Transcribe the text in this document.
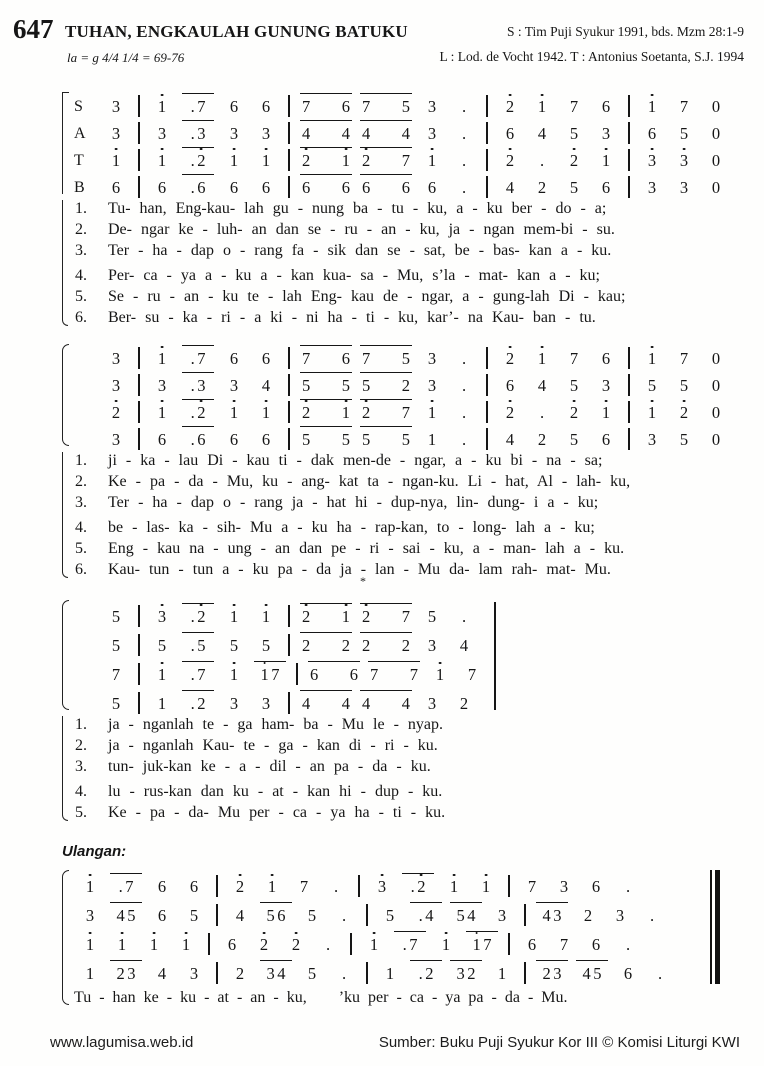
647 TUHAN, ENGKAULAH GUNUNG BATUKU	S : Tim Puji Syukur 1991, bds. Mzm 28:1-9
la = g 4/4 1/4 = 69-76	L : Lod. de Vocht 1942. T : Antonius Soetanta, S.J. 1994
S	3 1 . 7 6 6 7 6 7 5 3 . 2 1 7 6 1 7 0
A	3 3 . 3 3 3 4 4 4 4 3 . 6 4 5 3 6 5 0
T	1 1 . 2 1 1 2 1 2 7 1 . 2 . 2 1 3 3 0
B	6 6 . 6 6 6 6 6 6 6 6 . 4 2 5 6 3 3 0
1.	Tu- han, Eng-kau- lah gu - nung ba - tu - ku, a - ku ber - do - a;
2.	De- ngar ke - luh- an dan se - ru - an - ku, ja - ngan mem-bi - su.
3.	Ter - ha - dap o - rang fa - sik dan se - sat, be - bas- kan a - ku.
4.	Per- ca - ya a - ku a - kan kua- sa - Mu, s’la - mat- kan a - ku;
5.	Se - ru - an - ku te - lah Eng- kau de - ngar, a - gung-lah Di - kau;
6.	Ber- su - ka - ri - a ki - ni ha - ti - ku, kar’- na Kau- ban - tu.
3 1 . 7 6 6 7 6 7 5 3 . 2 1 7 6 1 7 0
3 3 . 3 3 4 5 5 5 2 3 . 6 4 5 3 5 5 0
2 1 . 2 1 1 2 1 2 7 1 . 2 . 2 1 1 2 0
3 6 . 6 6 6 5 5 5 5 1 . 4 2 5 6 3 5 0
1.	ji - ka - lau Di - kau ti - dak men-de - ngar, a - ku bi - na - sa;
2.	Ke - pa - da - Mu, ku - ang- kat ta - ngan-ku. Li - hat, Al - lah- ku,
3.	Ter - ha - dap o - rang ja - hat hi - dup-nya, lin- dung- i a - ku;
4.	be - las- ka - sih- Mu a - ku ha - rap-kan, to - long- lah a - ku;
5.	Eng - kau na - ung - an dan pe - ri - sai - ku, a - man- lah a - ku.
6.	Kau- tun - tun a - ku pa - da ja - lan - Mu da- lam rah- mat- Mu.
*
5 3 . 2 1 1 2 1 2 7 5 .
5 5 . 5 5 5 2 2 2 2 3 4
7 1 . 7 1 1 7 6 6 7 7 1 7
5 1 . 2 3 3 4 4 4 4 3 2
1.	ja - nganlah te - ga ham- ba - Mu le - nyap.
2.	ja - nganlah Kau- te - ga - kan di - ri - ku.
3.	tun- juk-kan ke - a - dil - an pa - da - ku.
4.	lu - rus-kan dan ku - at - kan hi - dup - ku.
5.	Ke - pa - da- Mu per - ca - ya ha - ti - ku.
Ulangan:
1 . 7 6 6 2 1 7 . 3 . 2 1 1 7 3 6 .
3 4 5 6 5 4 5 6 5 . 5 . 4 5 4 3 4 3 2 3 .
1 1 1 1 6 2 2 . 1 . 7 1 1 7 6 7 6 .
1 2 3 4 3 2 3 4 5 . 1 . 2 3 2 1 2 3 4 5 6 .
Tu - han ke - ku - at - an - ku,  ’ku per - ca - ya pa - da - Mu.
www.lagumisa.web.id	Sumber: Buku Puji Syukur Kor III © Komisi Liturgi KWI
